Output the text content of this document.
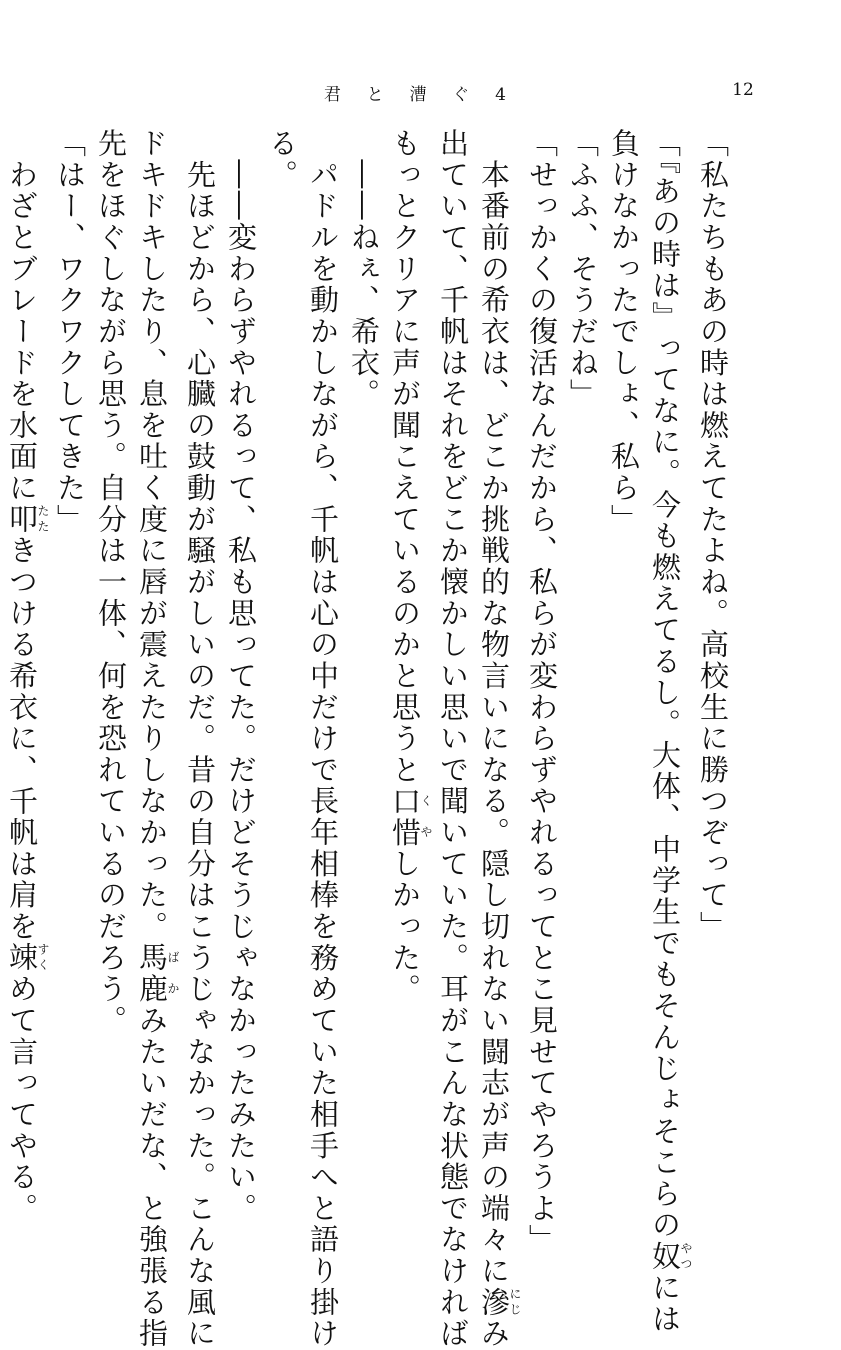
君 と 漕 ぐ 4	12

「私たちもあの時は燃えてたよね。高校生に勝つぞって」

「『あの時は』ってなに。今も燃えてるし。大体、中学生でもそんじょそこらの奴やつには

負けなかったでしょ、私ら」

「ふふ、そうだね」

「せっかくの復活なんだから、私らが変わらずやれるってとこ見せてやろうよ」

　本番前の希衣は、どこか挑戦的な物言いになる。隠し切れない闘志が声の端々に滲にじみ

出ていて、千帆はそれをどこか懐かしい思いで聞いていた。耳がこんな状態でなければ

もっとクリアに声が聞こえているのかと思うと口惜くやしかった。

　――ねぇ、希衣。

　パドルを動かしながら、千帆は心の中だけで長年相棒を務めていた相手へと語り掛け

る。

　――変わらずやれるって、私も思ってた。だけどそうじゃなかったみたい。

　先ほどから、心臓の鼓動が騒がしいのだ。昔の自分はこうじゃなかった。こんな風に

ドキドキしたり、息を吐く度に唇が震えたりしなかった。馬鹿ばかみたいだな、と強張る指

先をほぐしながら思う。自分は一体、何を恐れているのだろう。

「はー、ワクワクしてきた」

　わざとブレードを水面に叩たたきつける希衣に、千帆は肩を竦すくめて言ってやる。
